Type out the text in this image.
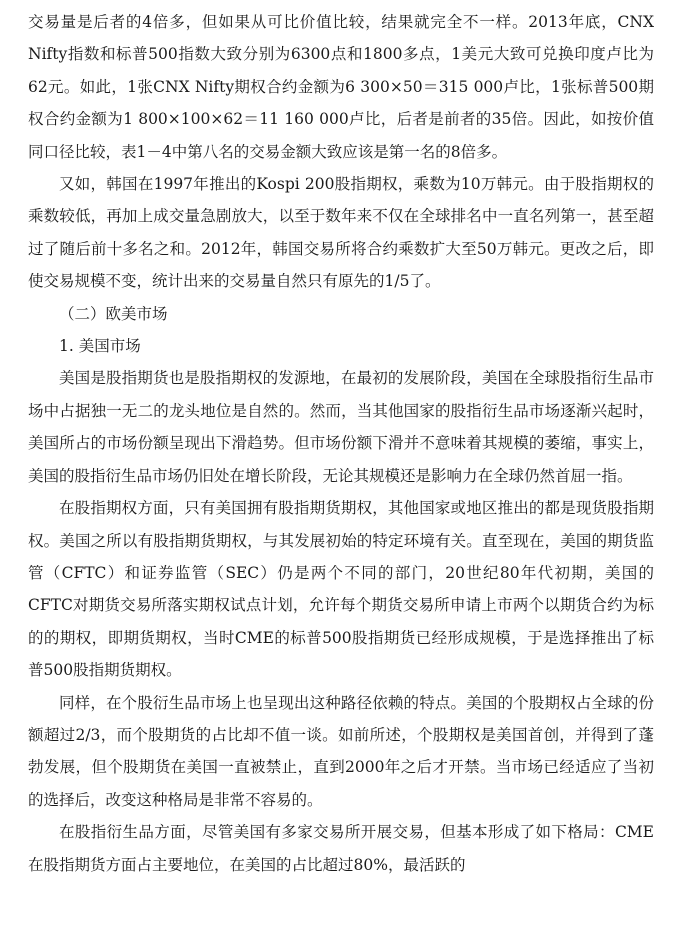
交易量是后者的4倍多，但如果从可比价值比较，结果就完全不一样。2013年底，CNX Nifty指数和标普500指数大致分别为6300点和1800多点，1美元大致可兑换印度卢比为62元。如此，1张CNX Nifty期权合约金额为6 300×50＝315 000卢比，1张标普500期权合约金额为1 800×100×62＝11 160 000卢比，后者是前者的35倍。因此，如按价值同口径比较，表1－4中第八名的交易金额大致应该是第一名的8倍多。

又如，韩国在1997年推出的Kospi 200股指期权，乘数为10万韩元。由于股指期权的乘数较低，再加上成交量急剧放大，以至于数年来不仅在全球排名中一直名列第一，甚至超过了随后前十多名之和。2012年，韩国交易所将合约乘数扩大至50万韩元。更改之后，即使交易规模不变，统计出来的交易量自然只有原先的1/5了。

（二）欧美市场

1. 美国市场

美国是股指期货也是股指期权的发源地，在最初的发展阶段，美国在全球股指衍生品市场中占据独一无二的龙头地位是自然的。然而，当其他国家的股指衍生品市场逐渐兴起时，美国所占的市场份额呈现出下滑趋势。但市场份额下滑并不意味着其规模的萎缩，事实上，美国的股指衍生品市场仍旧处在增长阶段，无论其规模还是影响力在全球仍然首屈一指。

在股指期权方面，只有美国拥有股指期货期权，其他国家或地区推出的都是现货股指期权。美国之所以有股指期货期权，与其发展初始的特定环境有关。直至现在，美国的期货监管（CFTC）和证券监管（SEC）仍是两个不同的部门，20世纪80年代初期，美国的CFTC对期货交易所落实期权试点计划，允许每个期货交易所申请上市两个以期货合约为标的的期权，即期货期权，当时CME的标普500股指期货已经形成规模，于是选择推出了标普500股指期货期权。

同样，在个股衍生品市场上也呈现出这种路径依赖的特点。美国的个股期权占全球的份额超过2/3，而个股期货的占比却不值一谈。如前所述，个股期权是美国首创，并得到了蓬勃发展，但个股期货在美国一直被禁止，直到2000年之后才开禁。当市场已经适应了当初的选择后，改变这种格局是非常不容易的。

在股指衍生品方面，尽管美国有多家交易所开展交易，但基本形成了如下格局：CME在股指期货方面占主要地位，在美国的占比超过80%，最活跃的
